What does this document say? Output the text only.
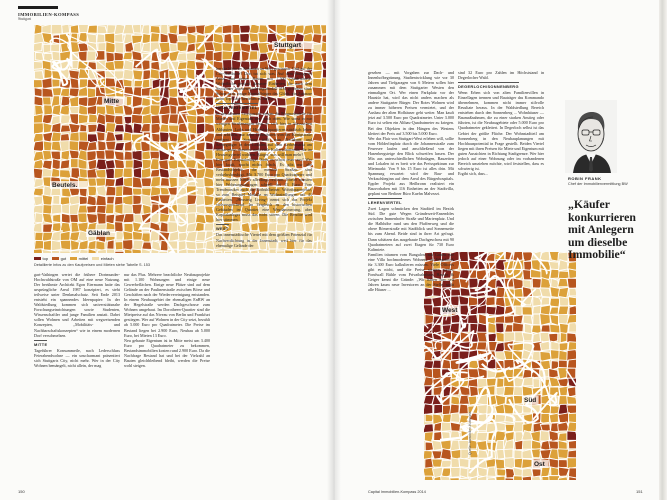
IMMOBILIEN-KOMPASS
Stuttgart
Mitte
Beutels.
Gäblan
Stuttgart
top	gut	mittel	einfach
Detaillierte Infos zu den Kaufpreisen und Mieten siehe Tabelle S. 153

gart-Vaihingen wertet die frühere Dortmunder-Hochwaldstraße von OM auf eine neue Nutzung. Der berühmte Architekt Egon Eiermann hatte das ursprüngliche Areal 1987 konzipiert, es steht teilweise unter Denkmalschutz. Seit Ende 2013 entsteht ein spannendes Ideenpapier: In der Waldsiedlung kommen sich universitätsnahe Forschungseinrichtungen sowie Studenten, Wissenschaftler und junge Familien anstatt. Dabei sollen Wohnen und Arbeiten mit wegweisenden Konzepten, „Mobilitäts- und Nachbarschaftskonzepten“ wie in einem modernen Dorf verschmelzen.

MITTE

Tageführer Konsummeile, nach Lederschluss Feierabendwohne — ein unscharmant präsentiert sich Stuttgarts City, nicht mehr. Wer in der City Wohnen bemängelt, nicht allein, der mag

nur das Plus. Mehrere beachtliche Neubauprojekte mit 1.100 Wohnungen und einige neue Gewerbeflächen. Einige neue Plätze sind auf dem Gelände an der Paulinenstraße zwischen Börse und Geschäften nach der Wiedervereinigung entstanden. In einem Neubaugebiet der ehemaligen EnBW an der Hegelstraße werden Dachgeschosse zum Wohnen umgebaut. Im Dorotheen-Quartier sind die Mietpreise auf das Niveau von Berlin und Frankfurt gestiegen. Wer auf Wohnen in der City setzt, bezahlt ab 5.000 Euro pro Quadratmeter. Die Preise im Bestand liegen bei 2.900 Euro, Neubau ab 5.000 Euro, bei Mieten 13 Euro.

Neu gebaute Eigentum ist in Mitte meist um 3.400 Euro pro Quadratmeter zu bekommen, Bestandsimmobilien kosten rund 2.900 Euro. Da die Nachfrage Bestand hat und bei der Vielzahl an Bauten gleichbleibend bleibt, werden die Preise wohl steigen.

150

len die höheren Altbauten an Wert gewinnen. Und auf der City-Halbhöhe? Dort tut sich was. Auf dem Stuttgarter Areal und neben Basten mit 7.500 Quadratmeter Wohnfläche geplant, darunter Einheiten, die nach dem Stuttgarter Innenentwicklungsmodell SIM gefördert sind. Schon auch einige Normalbürger das Glück, ein Zuhause beim Top-Lage beziehen zu dürfen.

HEUSTEIGVIERTEL

In den kleinen Cityquartier zeigen die Prognosepfeile für Mieten und Eigentum steil nach oben. Wie sonst in nur wenigen Straßenzügen lässt es sich hier in klassischen Altbauten, Lofts und Hinterhofquartieren städtisch leben und arbeiten, nur zehn Gehminuten von der Königstraße entfernt. Im Sommer trifft man Nachbarn und Szenegänger in den Lokalen auf dem Gerbermarkt am Mozartplatz, darunter auch viele Kulturschaffende, die im Heusteigviertel wohnen. Bürger, was will man mehr?

Eine gute Kapitalanlage? Sieht es schon teuer aus? Wer hier kauft, macht nichts falsch. Es gibt nur alte Bestandsobjekte, die meisten Straßen sind verkehrsberuhigt. Mit 3.700 Euro pro Quadratmeter und mehr müssen Kinder allerdings rechnen. Mieter mussten hier Wohnungsanfragen schnell bei 13 Euro. Vom Trendmusiker auch die Rotbühlbeiner. Wohnbauprojekte, so zum Beispiel Modelle an Wohnsiedlungen mit 41 Einheiten, „Heusteig Living“ nennt sich das Projekt vielversprechend. Im Vergleich zu den historischen Gebäuden im Quartier eine Wegdämmerung, aber Kapitalanleger muss das nicht stören. Die Rendite wird hier stimmen.

WEST

Das innenstädtische Viertel mit dem größten Potenzial für Nachverdichtung in der Innenstadt, weil hier für das ehemalige Gelände der

West
Süd
Ost

gesehen — mit Vorgaben zur Dach- und Innenhofbegrünung. Stadtentwicklung wie vor 30 Jahren und Tiefgaragen von 6 Metern sollen hier zusammen mit dem Stuttgarter Westen den einmaligen Ort. Wer einen Parkplatz vor der Haustür hat, wird das nicht anders machen als andere Stuttgarter Bürger. Der Rotes Wohnen wird zu immer höheren Preisen vermietet, und der Ausbau der alten Hofhäuser geht weiter. Man kauft jetzt auf 3.500 Euro pro Quadratmeter. Unter 3.000 Euro ist selten ein Altbau-Quadratmeter zu kriegen. Bei den Objekten in den Hängen des Westens klettert der Preis auf 3.500 bis 5.000 Euro.

Wer das Flair von Stuttgart-West erleben will, sollte vom Hölderlinplatz durch die Johannesstraße zum Feuersee laufen und anschließend von der Hasenbergsteige den Blick schweifen lassen. Der Mix aus unterschiedlichen Wohnlagen, Bauzeiten und Lokalen ist es breit wie das Preisspektrum zur Mietmarkt: Von 9 bis 15 Euro ist alles drin. Mit Spannung erwartet: wird der Bau- und Verkaufsbeginn auf dem Areal des Bürgerhospitals. Eppler Projekt aus Heilbronn realisiert ein Bauvorhaben mit 116 Einheiten an der Stadtvilla, geplant von Berliner Büro Kuehn Malvezzi.

LEHENVIERTEL

Zwei Lagen schmücken den Stadtteil im Bezirk Süd. Die gute Wegen Gründerzeit-Ensembles zwischen Immenhofer Straße und Marienplatz. Und die Halbhöhe rund um den Pfaffenweg und die obere Römerstraße mit Stadtblick und Sonnenseite bis zum Abend. Beide sind in ihrer Art gefragt. Dann schätzen das ausgebaute Dachgeschoss mit 90 Quadratmetern auf zwei Etagen für 730 Euro Kaltmiete.

Familien träumen vom Bungalow mit Garten wie eine Villa hochmodernes Wohnen, im Wegekiosk für 3.300 Euro kalkulieren müssen. Viele Officers gibt es nicht, und die Preise steigen weiter. Fondwall Bühle vom Privatbahnhaus Hauser & Geiger kennt die Gründe: „Wir haben hier seit Jahren kaum neue Investoren an der Stelle, nicht alle Häuser ...

sind 32 Euro pro Zahlen im Höchststand in Degerlocher Wald.

DEGERLOCH/SONNENBERG

Wenn Erben sich von alten Familienvillen in Einzellagen trennen und Bauträger das Kommando übernehmen, kommen nicht immer stilvolle Resultate heraus. In der Waldsiedlung Bereich entstehen durch den Sonnenberg ... Wohnhäuser — Baumaßnahmen, die zu einer starken Anstieg oder führten, ist die Neubaugebiete oder 5.000 Euro pro Quadratmeter geklettert. In Degerloch selbst ist das Gebiet der größte Fläche. Der Wohnstadtteil am Sonnenberg in den Neubauplanungen mit Hochhauspotential in Frage gestellt. Beiden Viertel liegen mit ihren Preisen für Miete und Eigentum mit guten Aussichten in Richtung Stadtgrenze. Wer hier jedoch auf einer Wohnung oder im vorhandenen Bereich umziehen möchte, wird feststellen, dass es schwierig ist.

Ergibt sich, dass...

ROBIN FRANK
Chef der Immobilienvermittlung BW
„Käufer konkurrieren mit Anlegern um dieselbe Immobilie“
Quelle: Immobilien-Kompass
Capital Immobilien-Kompass 2014	151
